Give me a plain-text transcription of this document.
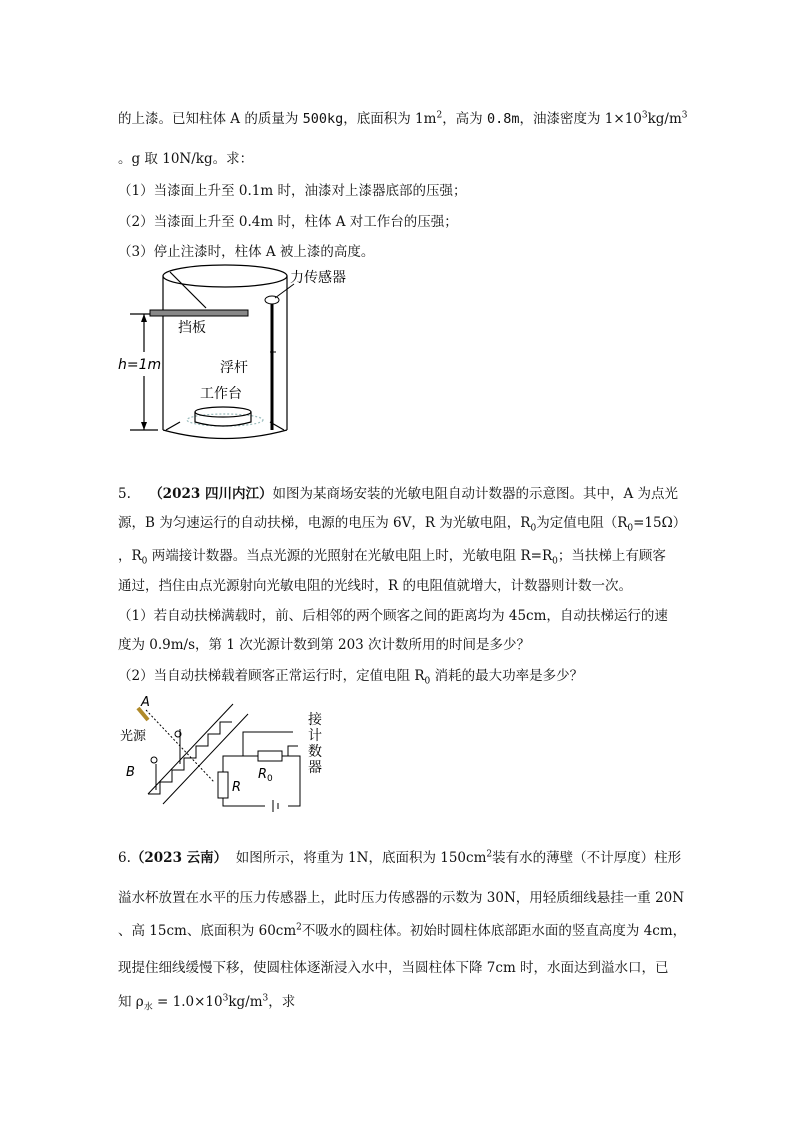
的上漆。已知柱体 A 的质量为 500kg，底面积为 $1m^2$，高为 0.8m，油漆密度为 $1\times 10^3kg/m^3$
。g 取 10N/kg。求：
（1）当漆面上升至 0.1m 时，油漆对上漆器底部的压强；
（2）当漆面上升至 0.4m 时，柱体 A 对工作台的压强；
（3）停止注漆时，柱体 A 被上漆的高度。
力传感器
挡板
浮杆
工作台
h=1m
5. （2023 四川内江）如图为某商场安装的光敏电阻自动计数器的示意图。其中，A 为点光
源，B 为匀速运行的自动扶梯，电源的电压为 6V，R 为光敏电阻，$R_0$为定值电阻$(R_0=15\Omega)$
，$R_0$ 两端接计数器。当点光源的光照射在光敏电阻上时，光敏电阻 $R=R_0$；当扶梯上有顾客
通过，挡住由点光源射向光敏电阻的光线时，R 的电阻值就增大，计数器则计数一次。
（1）若自动扶梯满载时，前、后相邻的两个顾客之间的距离均为 45cm，自动扶梯运行的速
度为 0.9m/s，第 1 次光源计数到第 203 次计数所用的时间是多少？
（2）当自动扶梯载着顾客正常运行时，定值电阻 $R_0$ 消耗的最大功率是多少？
A
光源
B
R
$R_0$
接
计
数
器
6.（2023 云南） 如图所示，将重为 1N，底面积为 $150cm^2$装有水的薄壁（不计厚度）柱形
溢水杯放置在水平的压力传感器上，此时压力传感器的示数为 30N，用轻质细线悬挂一重 20N
、高 15cm、底面积为 $60cm^2$不吸水的圆柱体。初始时圆柱体底部距水面的竖直高度为 4cm，
现提住细线缓慢下移，使圆柱体逐渐浸入水中，当圆柱体下降 7cm 时，水面达到溢水口，已
知 $\rho_水 = 1.0\times 10^3kg/m^3$，求
